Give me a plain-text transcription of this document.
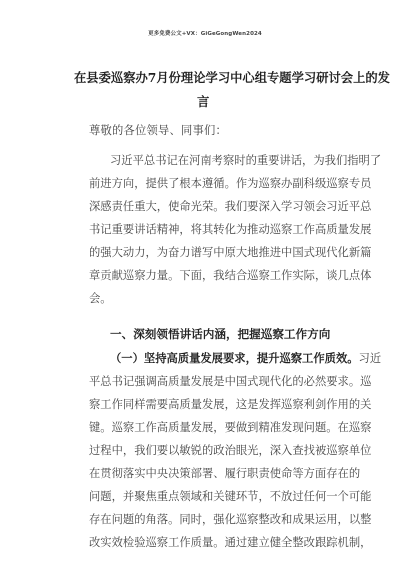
更多免费公文+VX：GiGeGongWen2024
在县委巡察办7月份理论学习中心组专题学习研讨会上的发
言
尊敬的各位领导、同事们：
习近平总书记在河南考察时的重要讲话，为我们指明了
前进方向，提供了根本遵循。作为巡察办副科级巡察专员
深感责任重大，使命光荣。我们要深入学习领会习近平总
书记重要讲话精神，将其转化为推动巡察工作高质量发展
的强大动力，为奋力谱写中原大地推进中国式现代化新篇
章贡献巡察力量。下面，我结合巡察工作实际，谈几点体
会。
一、深刻领悟讲话内涵，把握巡察工作方向
（一）坚持高质量发展要求，提升巡察工作质效。习近
平总书记强调高质量发展是中国式现代化的必然要求。巡
察工作同样需要高质量发展，这是发挥巡察利剑作用的关
键。巡察工作高质量发展，要做到精准发现问题。在巡察
过程中，我们要以敏锐的政治眼光，深入查找被巡察单位
在贯彻落实中央决策部署、履行职责使命等方面存在的
问题，并聚焦重点领域和关键环节，不放过任何一个可能
存在问题的角落。同时，强化巡察整改和成果运用，以整
改实效检验巡察工作质量。通过建立健全整改跟踪机制，
